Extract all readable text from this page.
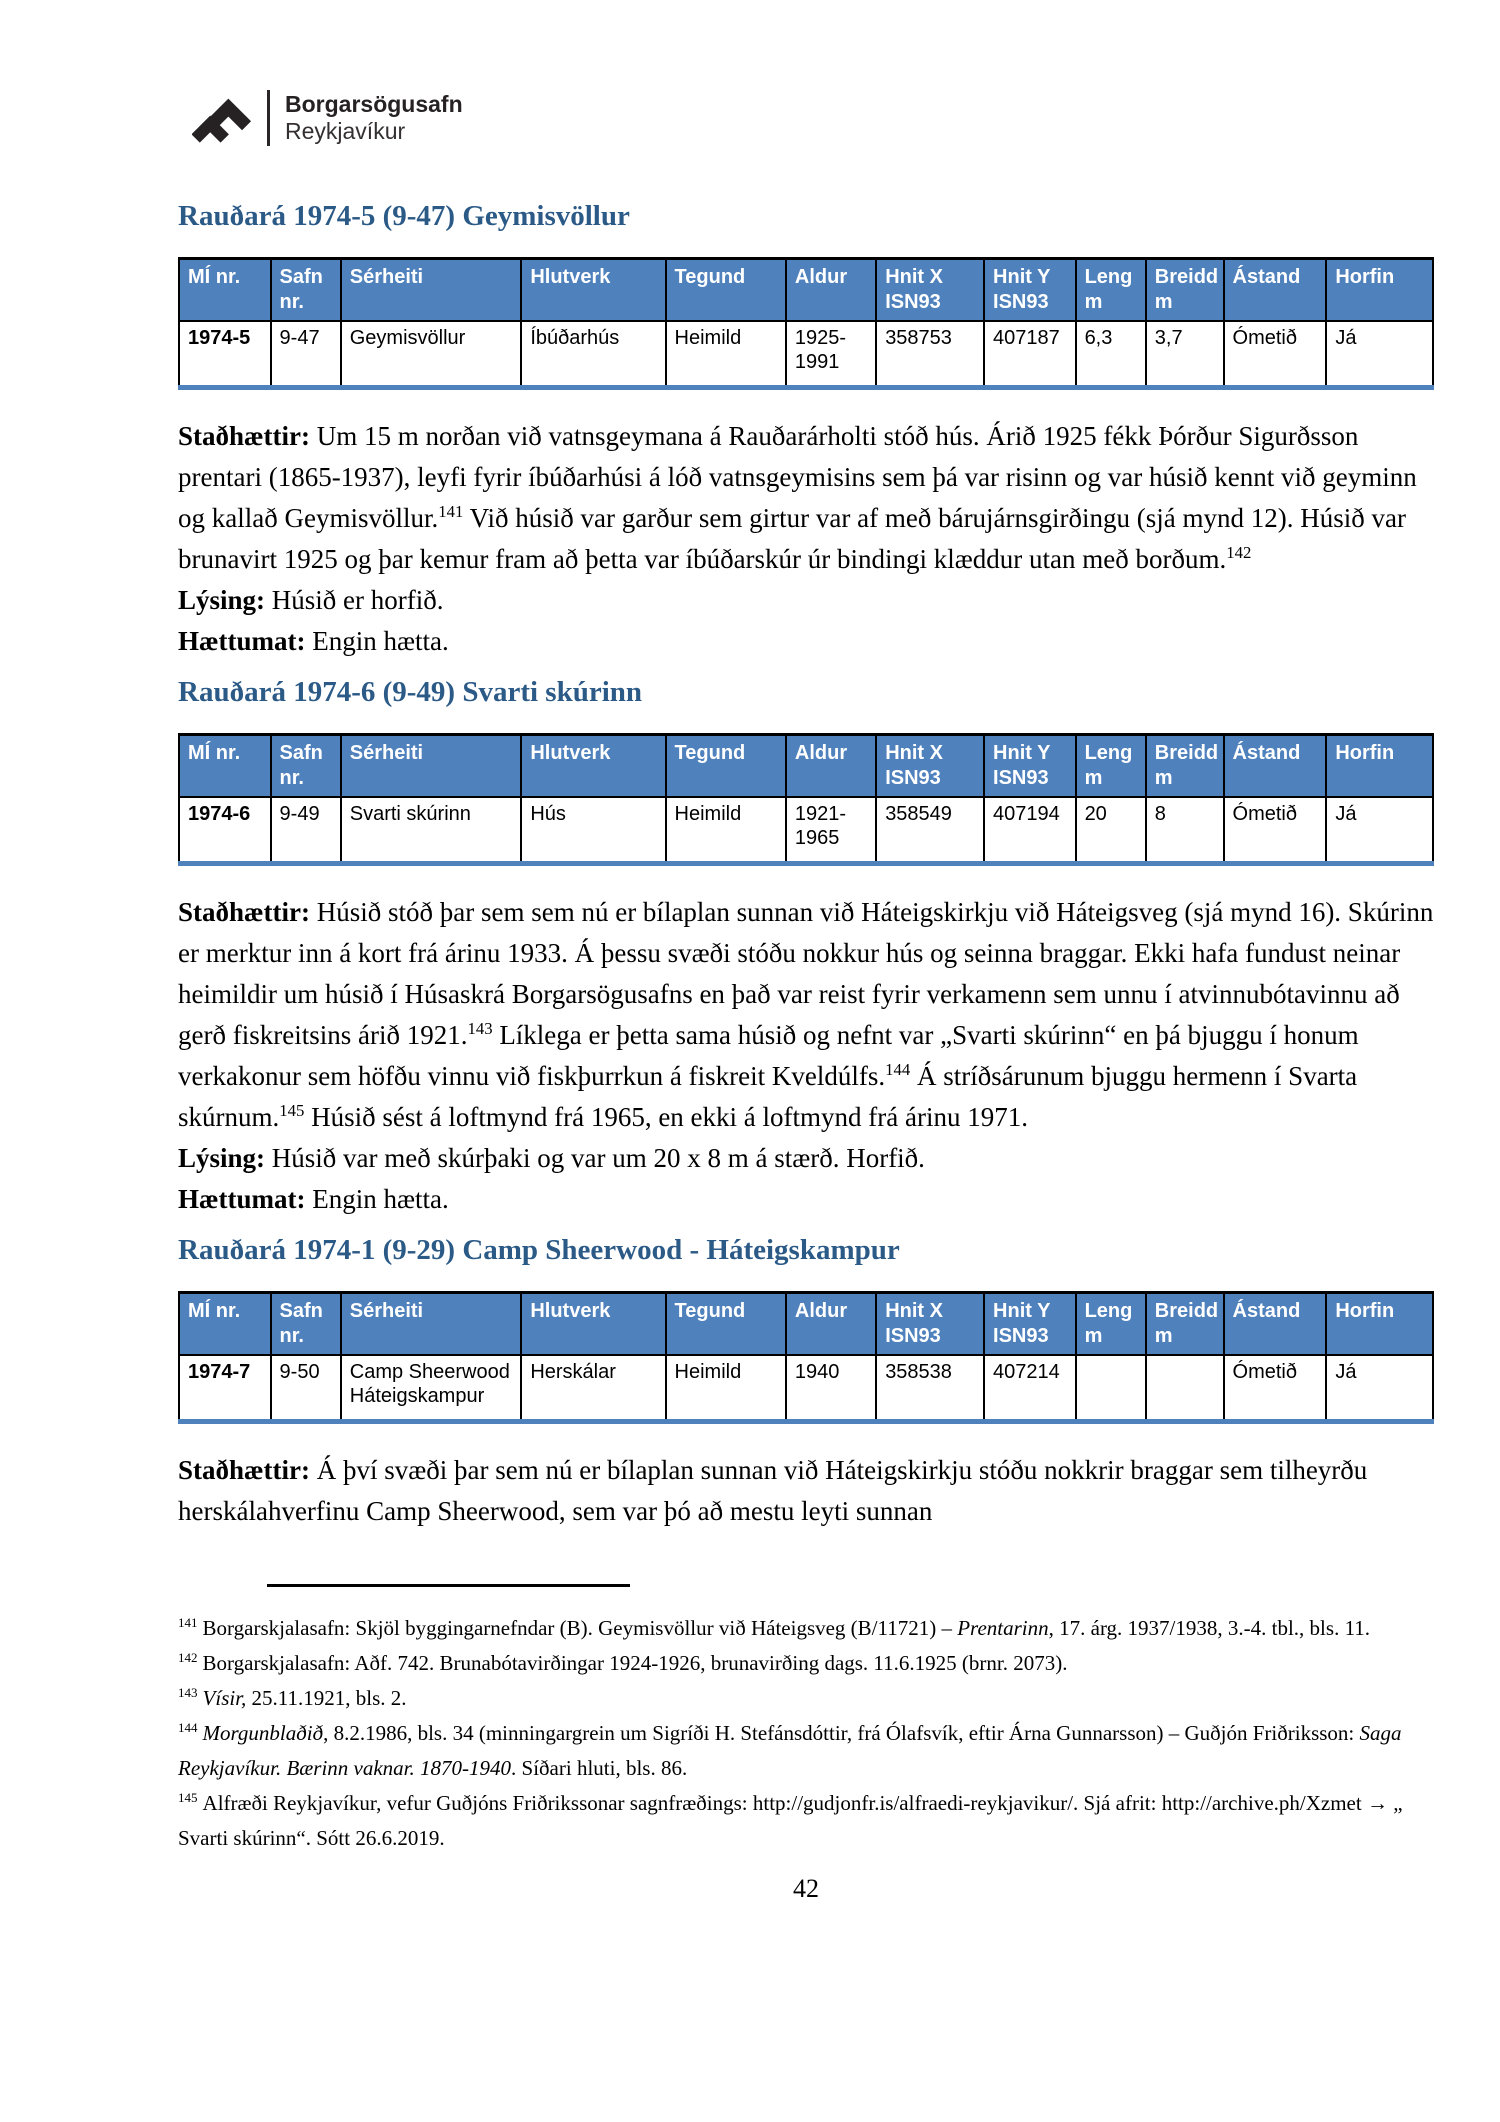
Borgarsögusafn
Reykjavíkur
Rauðará 1974-5 (9-47) Geymisvöllur
MÍ nr.	Safn nr.	Sérheiti	Hlutverk	Tegund	Aldur	Hnit X ISN93	Hnit Y ISN93	Leng m	Breidd m	Ástand	Horfin
1974-5	9-47	Geymisvöllur	Íbúðarhús	Heimild	1925-1991	358753	407187	6,3	3,7	Ómetið	Já

Staðhættir: Um 15 m norðan við vatnsgeymana á Rauðarárholti stóð hús. Árið 1925 fékk Þórður Sigurðsson prentari (1865-1937), leyfi fyrir íbúðarhúsi á lóð vatnsgeymisins sem þá var risinn og var húsið kennt við geyminn og kallað Geymisvöllur.$^{141}$ Við húsið var garður sem girtur var af með bárujárnsgirðingu (sjá mynd 12). Húsið var brunavirt 1925 og þar kemur fram að þetta var íbúðarskúr úr bindingi klæddur utan með borðum.$^{142}$

Lýsing: Húsið er horfið.

Hættumat: Engin hætta.

Rauðará 1974-6 (9-49) Svarti skúrinn
MÍ nr.	Safn nr.	Sérheiti	Hlutverk	Tegund	Aldur	Hnit X ISN93	Hnit Y ISN93	Leng m	Breidd m	Ástand	Horfin
1974-6	9-49	Svarti skúrinn	Hús	Heimild	1921-1965	358549	407194	20	8	Ómetið	Já

Staðhættir: Húsið stóð þar sem sem nú er bílaplan sunnan við Háteigskirkju við Háteigsveg (sjá mynd 16). Skúrinn er merktur inn á kort frá árinu 1933. Á þessu svæði stóðu nokkur hús og seinna braggar. Ekki hafa fundust neinar heimildir um húsið í Húsaskrá Borgarsögusafns en það var reist fyrir verkamenn sem unnu í atvinnubótavinnu að gerð fiskreitsins árið 1921.$^{143}$ Líklega er þetta sama húsið og nefnt var „Svarti skúrinn“ en þá bjuggu í honum verkakonur sem höfðu vinnu við fiskþurrkun á fiskreit Kveldúlfs.$^{144}$ Á stríðsárunum bjuggu hermenn í Svarta skúrnum.$^{145}$ Húsið sést á loftmynd frá 1965, en ekki á loftmynd frá árinu 1971.

Lýsing: Húsið var með skúrþaki og var um 20 x 8 m á stærð. Horfið.

Hættumat: Engin hætta.

Rauðará 1974-1 (9-29) Camp Sheerwood - Háteigskampur
MÍ nr.	Safn nr.	Sérheiti	Hlutverk	Tegund	Aldur	Hnit X ISN93	Hnit Y ISN93	Leng m	Breidd m	Ástand	Horfin
1974-7	9-50	Camp Sheerwood Háteigskampur	Herskálar	Heimild	1940	358538	407214			Ómetið	Já

Staðhættir: Á því svæði þar sem nú er bílaplan sunnan við Háteigskirkju stóðu nokkrir braggar sem tilheyrðu herskálahverfinu Camp Sheerwood, sem var þó að mestu leyti sunnan

$^{141}$ Borgarskjalasafn: Skjöl byggingarnefndar (B). Geymisvöllur við Háteigsveg (B/11721) – Prentarinn, 17. árg. 1937/1938, 3.-4. tbl., bls. 11.

$^{142}$ Borgarskjalasafn: Aðf. 742. Brunabótavirðingar 1924-1926, brunavirðing dags. 11.6.1925 (brnr. 2073).

$^{143}$ Vísir, 25.11.1921, bls. 2.

$^{144}$ Morgunblaðið, 8.2.1986, bls. 34 (minningargrein um Sigríði H. Stefánsdóttir, frá Ólafsvík, eftir Árna Gunnarsson) – Guðjón Friðriksson: Saga Reykjavíkur. Bærinn vaknar. 1870-1940. Síðari hluti, bls. 86.

$^{145}$ Alfræði Reykjavíkur, vefur Guðjóns Friðrikssonar sagnfræðings: http://gudjonfr.is/alfraedi-reykjavikur/. Sjá afrit: http://archive.ph/Xzmet → „ Svarti skúrinn“. Sótt 26.6.2019.

42
